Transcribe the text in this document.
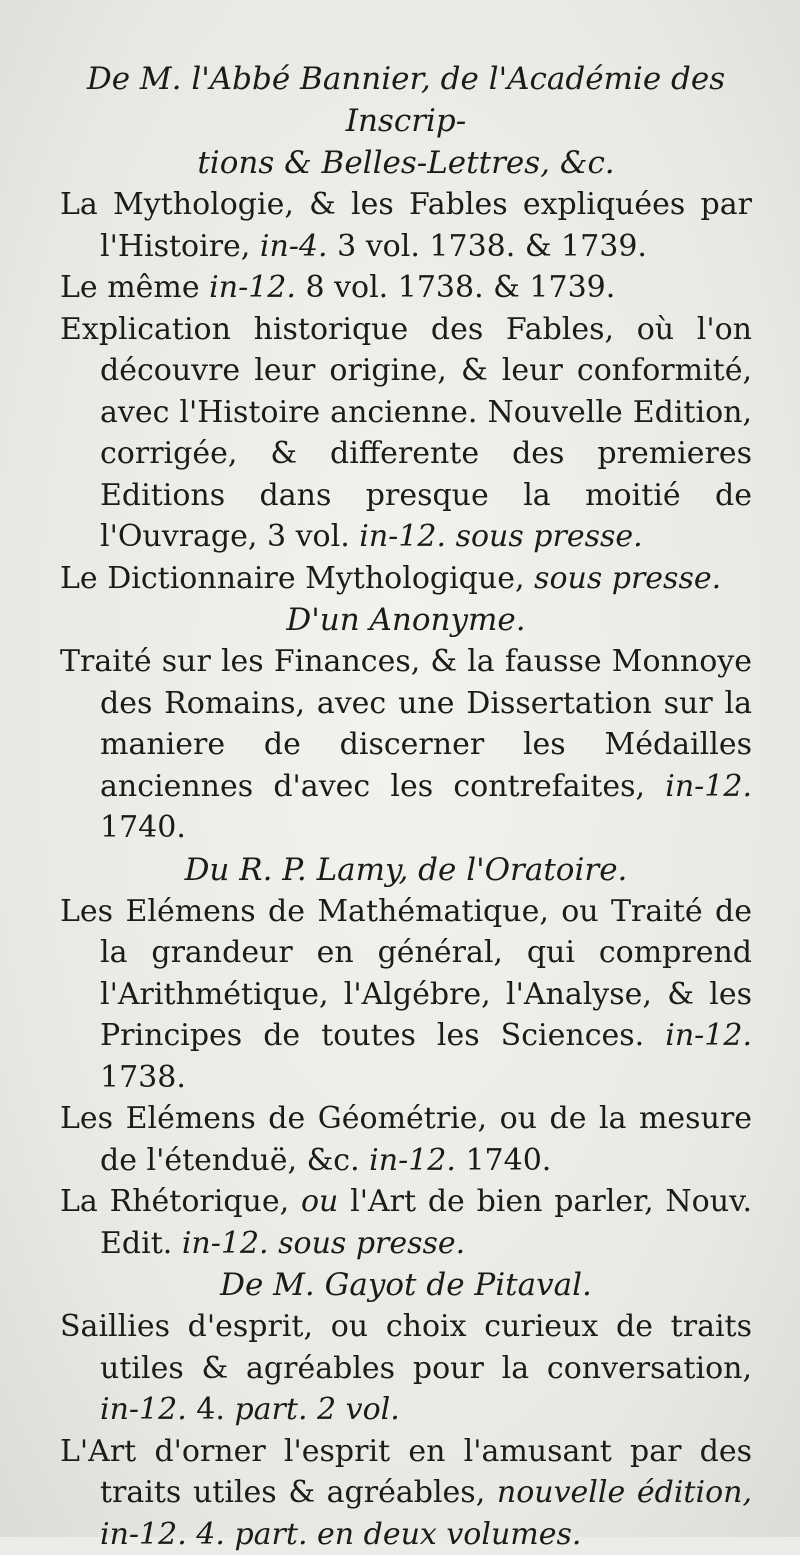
De M. l'Abbé Bannier, de l'Académie des Inscrip-
tions & Belles-Lettres, &c.

La Mythologie, & les Fables expliquées par l'Histoire, in-4. 3 vol. 1738. & 1739.

Le même in-12. 8 vol. 1738. & 1739.

Explication historique des Fables, où l'on découvre leur origine, & leur conformité, avec l'Histoire ancienne. Nouvelle Edition, corrigée, & differente des premieres Editions dans presque la moitié de l'Ouvrage, 3 vol. in-12. sous presse.

Le Dictionnaire Mythologique, sous presse.

D'un Anonyme.

Traité sur les Finances, & la fausse Monnoye des Romains, avec une Dissertation sur la maniere de discerner les Médailles anciennes d'avec les contrefaites, in-12. 1740.

Du R. P. Lamy, de l'Oratoire.

Les Elémens de Mathématique, ou Traité de la grandeur en général, qui comprend l'Arithmétique, l'Algébre, l'Analyse, & les Principes de toutes les Sciences. in-12. 1738.

Les Elémens de Géométrie, ou de la mesure de l'étenduë, &c. in-12. 1740.

La Rhétorique, ou l'Art de bien parler, Nouv. Edit. in-12. sous presse.

De M. Gayot de Pitaval.

Saillies d'esprit, ou choix curieux de traits utiles & agréables pour la conversation, in-12. 4. part. 2 vol.

L'Art d'orner l'esprit en l'amusant par des traits utiles & agréables, nouvelle édition, in-12. 4. part. en deux volumes.
